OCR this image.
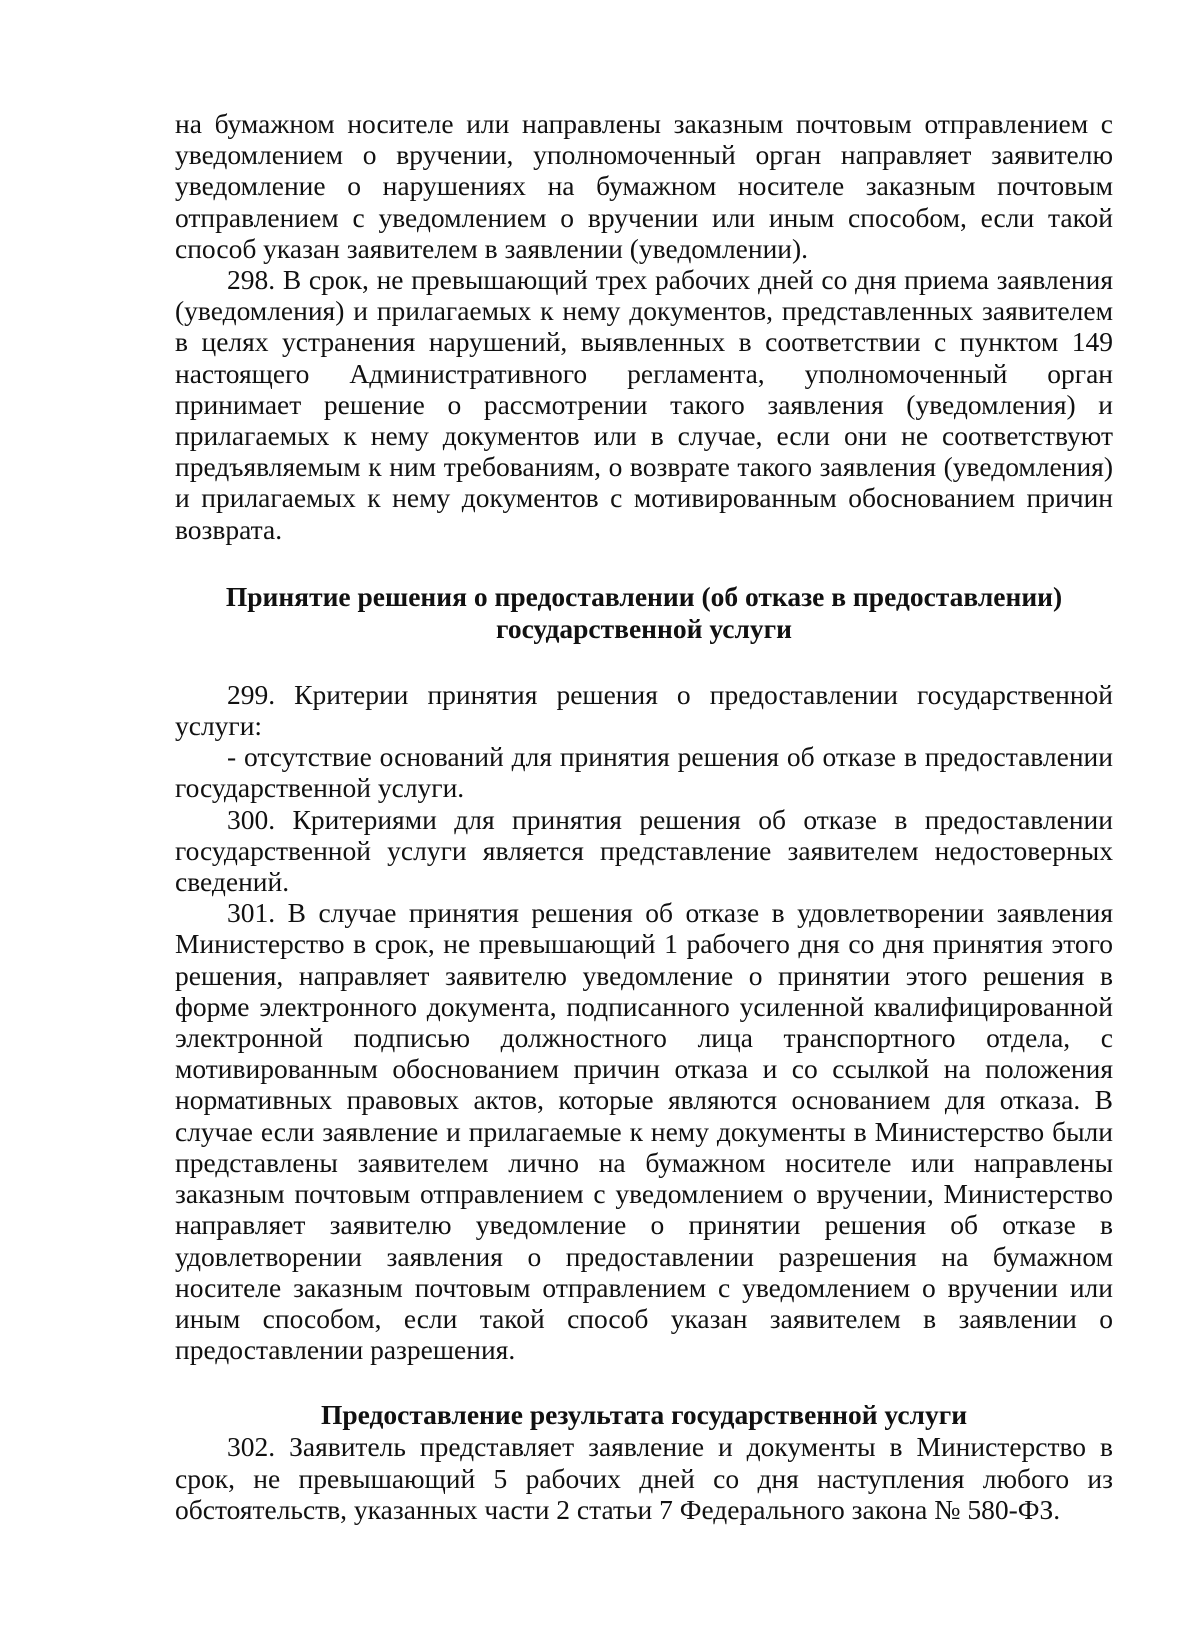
на бумажном носителе или направлены заказным почтовым отправлением с уведомлением о вручении, уполномоченный орган направляет заявителю уведомление о нарушениях на бумажном носителе заказным почтовым отправлением с уведомлением о вручении или иным способом, если такой способ указан заявителем в заявлении (уведомлении).

298. В срок, не превышающий трех рабочих дней со дня приема заявления (уведомления) и прилагаемых к нему документов, представленных заявителем в целях устранения нарушений, выявленных в соответствии с пунктом 149 настоящего Административного регламента, уполномоченный орган принимает решение о рассмотрении такого заявления (уведомления) и прилагаемых к нему документов или в случае, если они не соответствуют предъявляемым к ним требованиям, о возврате такого заявления (уведомления) и прилагаемых к нему документов с мотивированным обоснованием причин возврата.

Принятие решения о предоставлении (об отказе в предоставлении)
государственной услуги

299. Критерии принятия решения о предоставлении государственной услуги:

- отсутствие оснований для принятия решения об отказе в предоставлении государственной услуги.

300. Критериями для принятия решения об отказе в предоставлении государственной услуги является представление заявителем недостоверных сведений.

301. В случае принятия решения об отказе в удовлетворении заявления Министерство в срок, не превышающий 1 рабочего дня со дня принятия этого решения, направляет заявителю уведомление о принятии этого решения в форме электронного документа, подписанного усиленной квалифицированной электронной подписью должностного лица транспортного отдела, с мотивированным обоснованием причин отказа и со ссылкой на положения нормативных правовых актов, которые являются основанием для отказа. В случае если заявление и прилагаемые к нему документы в Министерство были представлены заявителем лично на бумажном носителе или направлены заказным почтовым отправлением с уведомлением о вручении, Министерство направляет заявителю уведомление о принятии решения об отказе в удовлетворении заявления о предоставлении разрешения на бумажном носителе заказным почтовым отправлением с уведомлением о вручении или иным способом, если такой способ указан заявителем в заявлении о предоставлении разрешения.

Предоставление результата государственной услуги

302. Заявитель представляет заявление и документы в Министерство в срок, не превышающий 5 рабочих дней со дня наступления любого из обстоятельств, указанных части 2 статьи 7 Федерального закона № 580-ФЗ.
